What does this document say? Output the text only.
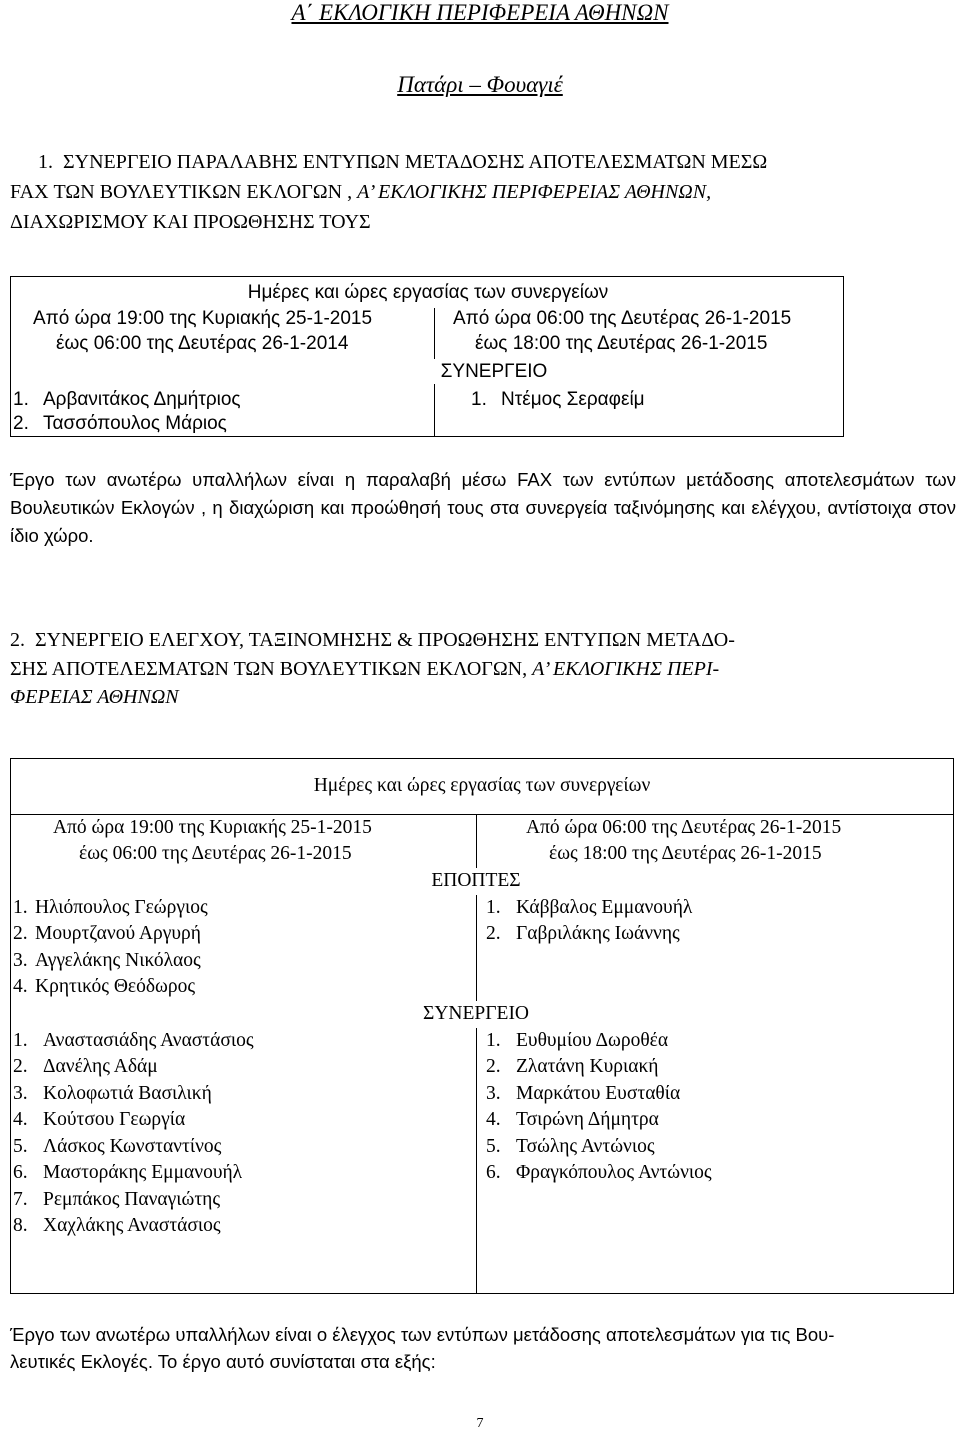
Α΄ ΕΚΛΟΓΙΚΗ ΠΕΡΙΦΕΡΕΙΑ ΑΘΗΝΩΝ
Πατάρι – Φουαγιέ
1. ΣΥΝΕΡΓΕΙΟ ΠΑΡΑΛΑΒΗΣ ΕΝΤΥΠΩΝ ΜΕΤΑΔΟΣΗΣ ΑΠΟΤΕΛΕΣΜΑΤΩΝ ΜΕΣΩ
FAX ΤΩΝ ΒΟΥΛΕΥΤΙΚΩΝ ΕΚΛΟΓΩΝ , Α’ ΕΚΛΟΓΙΚΗΣ ΠΕΡΙΦΕΡΕΙΑΣ ΑΘΗΝΩΝ,
ΔΙΑΧΩΡΙΣΜΟΥ ΚΑΙ ΠΡΟΩΘΗΣΗΣ ΤΟΥΣ
Ημέρες και ώρες εργασίας των συνεργείων
Από ώρα 19:00 της Κυριακής 25-1-2015
έως 06:00 της Δευτέρας 26-1-2014
Από ώρα 06:00 της Δευτέρας 26-1-2015
έως 18:00 της Δευτέρας 26-1-2015
ΣΥΝΕΡΓΕΙΟ
1. Αρβανιτάκος Δημήτριος
2. Τασσόπουλος Μάριος
1. Ντέμος Σεραφείμ
Έργο των ανωτέρω υπαλλήλων είναι η παραλαβή μέσω FAX των εντύπων μετάδοσης αποτελεσμάτων των Βουλευτικών Εκλογών , η διαχώριση και προώθησή τους στα συνεργεία ταξινόμησης και ελέγχου, αντίστοιχα στον ίδιο χώρο.
2. ΣΥΝΕΡΓΕΙΟ ΕΛΕΓΧΟΥ, ΤΑΞΙΝΟΜΗΣΗΣ & ΠΡΟΩΘΗΣΗΣ ΕΝΤΥΠΩΝ ΜΕΤΑΔΟ-
ΣΗΣ ΑΠΟΤΕΛΕΣΜΑΤΩΝ ΤΩΝ ΒΟΥΛΕΥΤΙΚΩΝ ΕΚΛΟΓΩΝ, Α’ ΕΚΛΟΓΙΚΗΣ ΠΕΡΙ-
ΦΕΡΕΙΑΣ ΑΘΗΝΩΝ
Ημέρες και ώρες εργασίας των συνεργείων
Από ώρα 19:00 της Κυριακής 25-1-2015
έως 06:00 της Δευτέρας 26-1-2015
Από ώρα 06:00 της Δευτέρας 26-1-2015
έως 18:00 της Δευτέρας 26-1-2015
ΕΠΟΠΤΕΣ
1. Ηλιόπουλος Γεώργιος
2. Μουρτζανού Αργυρή
3. Αγγελάκης Νικόλαος
4. Κρητικός Θεόδωρος
1. Κάββαλος Εμμανουήλ
2. Γαβριλάκης Ιωάννης
ΣΥΝΕΡΓΕΙΟ
1. Αναστασιάδης Αναστάσιος
2. Δανέλης Αδάμ
3. Κολοφωτιά Βασιλική
4. Κούτσου Γεωργία
5. Λάσκος Κωνσταντίνος
6. Μαστοράκης Εμμανουήλ
7. Ρεμπάκος Παναγιώτης
8. Χαχλάκης Αναστάσιος
1. Ευθυμίου Δωροθέα
2. Ζλατάνη Κυριακή
3. Μαρκάτου Ευσταθία
4. Τσιρώνη Δήμητρα
5. Τσώλης Αντώνιος
6. Φραγκόπουλος Αντώνιος
Έργο των ανωτέρω υπαλλήλων είναι ο έλεγχος των εντύπων μετάδοσης αποτελεσμάτων για τις Βου-
λευτικές Εκλογές. Το έργο αυτό συνίσταται στα εξής:
7
